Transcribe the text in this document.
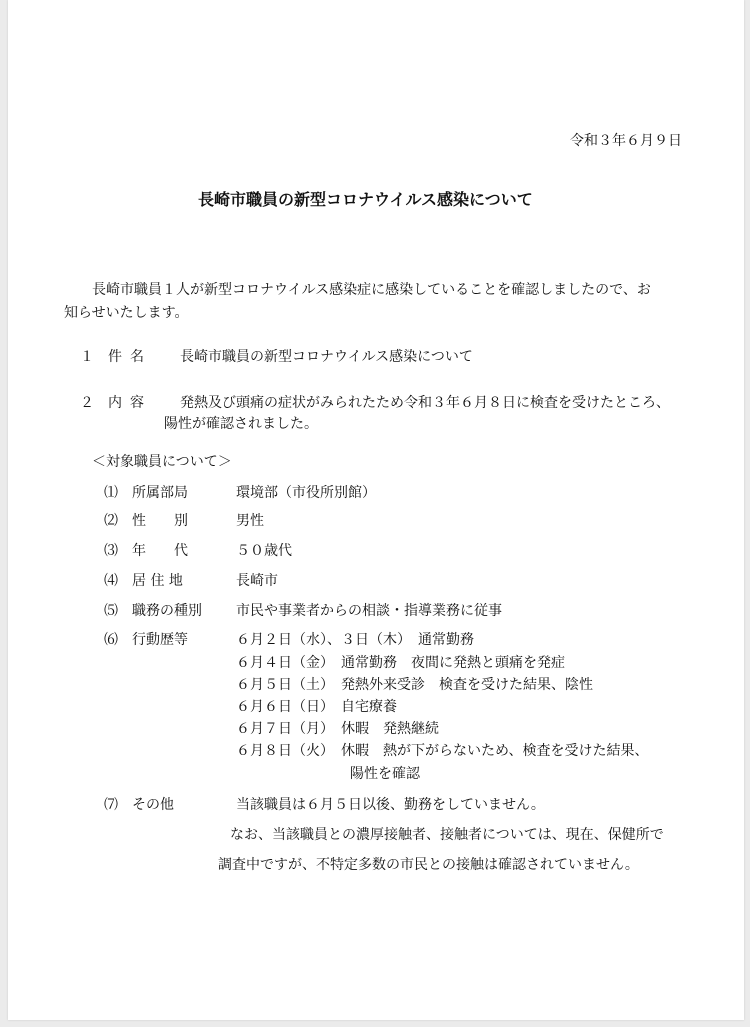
令和３年６月９日
長崎市職員の新型コロナウイルス感染について
長崎市職員１人が新型コロナウイルス感染症に感染していることを確認しましたので、お
知らせいたします。
１ 件名 長崎市職員の新型コロナウイルス感染について
２ 内容 発熱及び頭痛の症状がみられたため令和３年６月８日に検査を受けたところ、
陽性が確認されました。
＜対象職員について＞
⑴ 所属部局	環境部（市役所別館）
⑵ 性　　別	男性
⑶ 年　　代	５０歳代
⑷ 居 住 地	長崎市
⑸ 職務の種別 市民や事業者からの相談・指導業務に従事
⑹ 行動歴等	６月２日（水）、３日（木）　通常勤務
６月４日（金）　通常勤務　夜間に発熱と頭痛を発症
６月５日（土）　発熱外来受診　検査を受けた結果、陰性
６月６日（日）　自宅療養
６月７日（月）　休暇　発熱継続
６月８日（火）　休暇　熱が下がらないため、検査を受けた結果、
陽性を確認
⑺ その他	当該職員は６月５日以後、勤務をしていません。
なお、当該職員との濃厚接触者、接触者については、現在、保健所で
調査中ですが、不特定多数の市民との接触は確認されていません。
